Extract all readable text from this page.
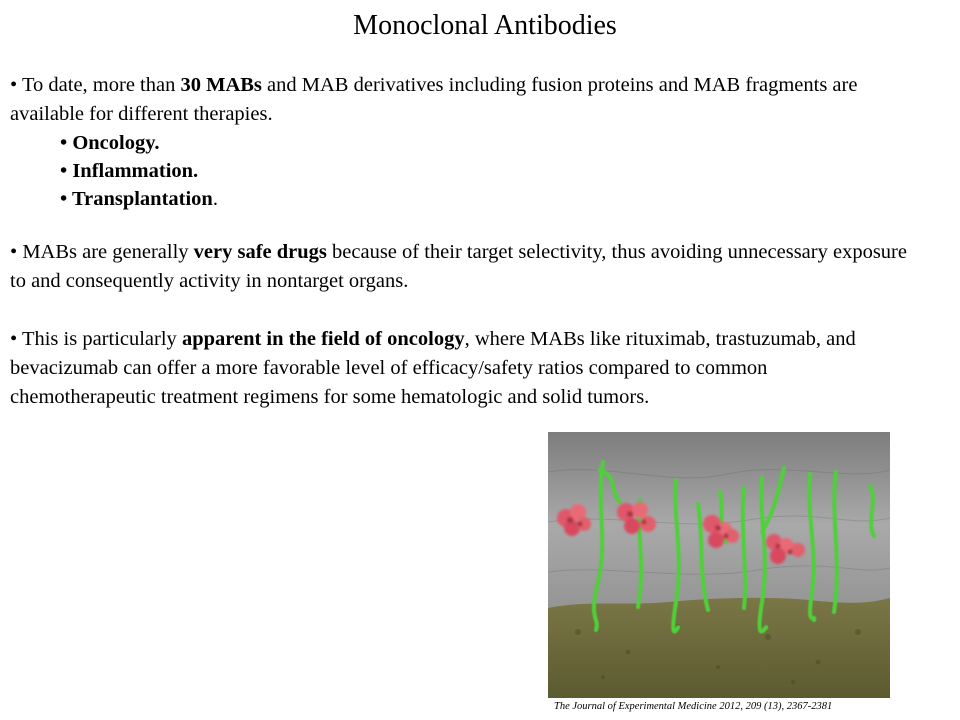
Monoclonal Antibodies
• To date, more than 30 MABs and MAB derivatives including fusion proteins and MAB fragments are available for different therapies.
• Oncology.
• Inflammation.
• Transplantation.
• MABs are generally very safe drugs because of their target selectivity, thus avoiding unnecessary exposure to and consequently activity in nontarget organs.
• This is particularly apparent in the field of oncology, where MABs like rituximab, trastuzumab, and bevacizumab can offer a more favorable level of efficacy/safety ratios compared to common chemotherapeutic treatment regimens for some hematologic and solid tumors.
The Journal of Experimental Medicine 2012, 209 (13), 2367-2381
